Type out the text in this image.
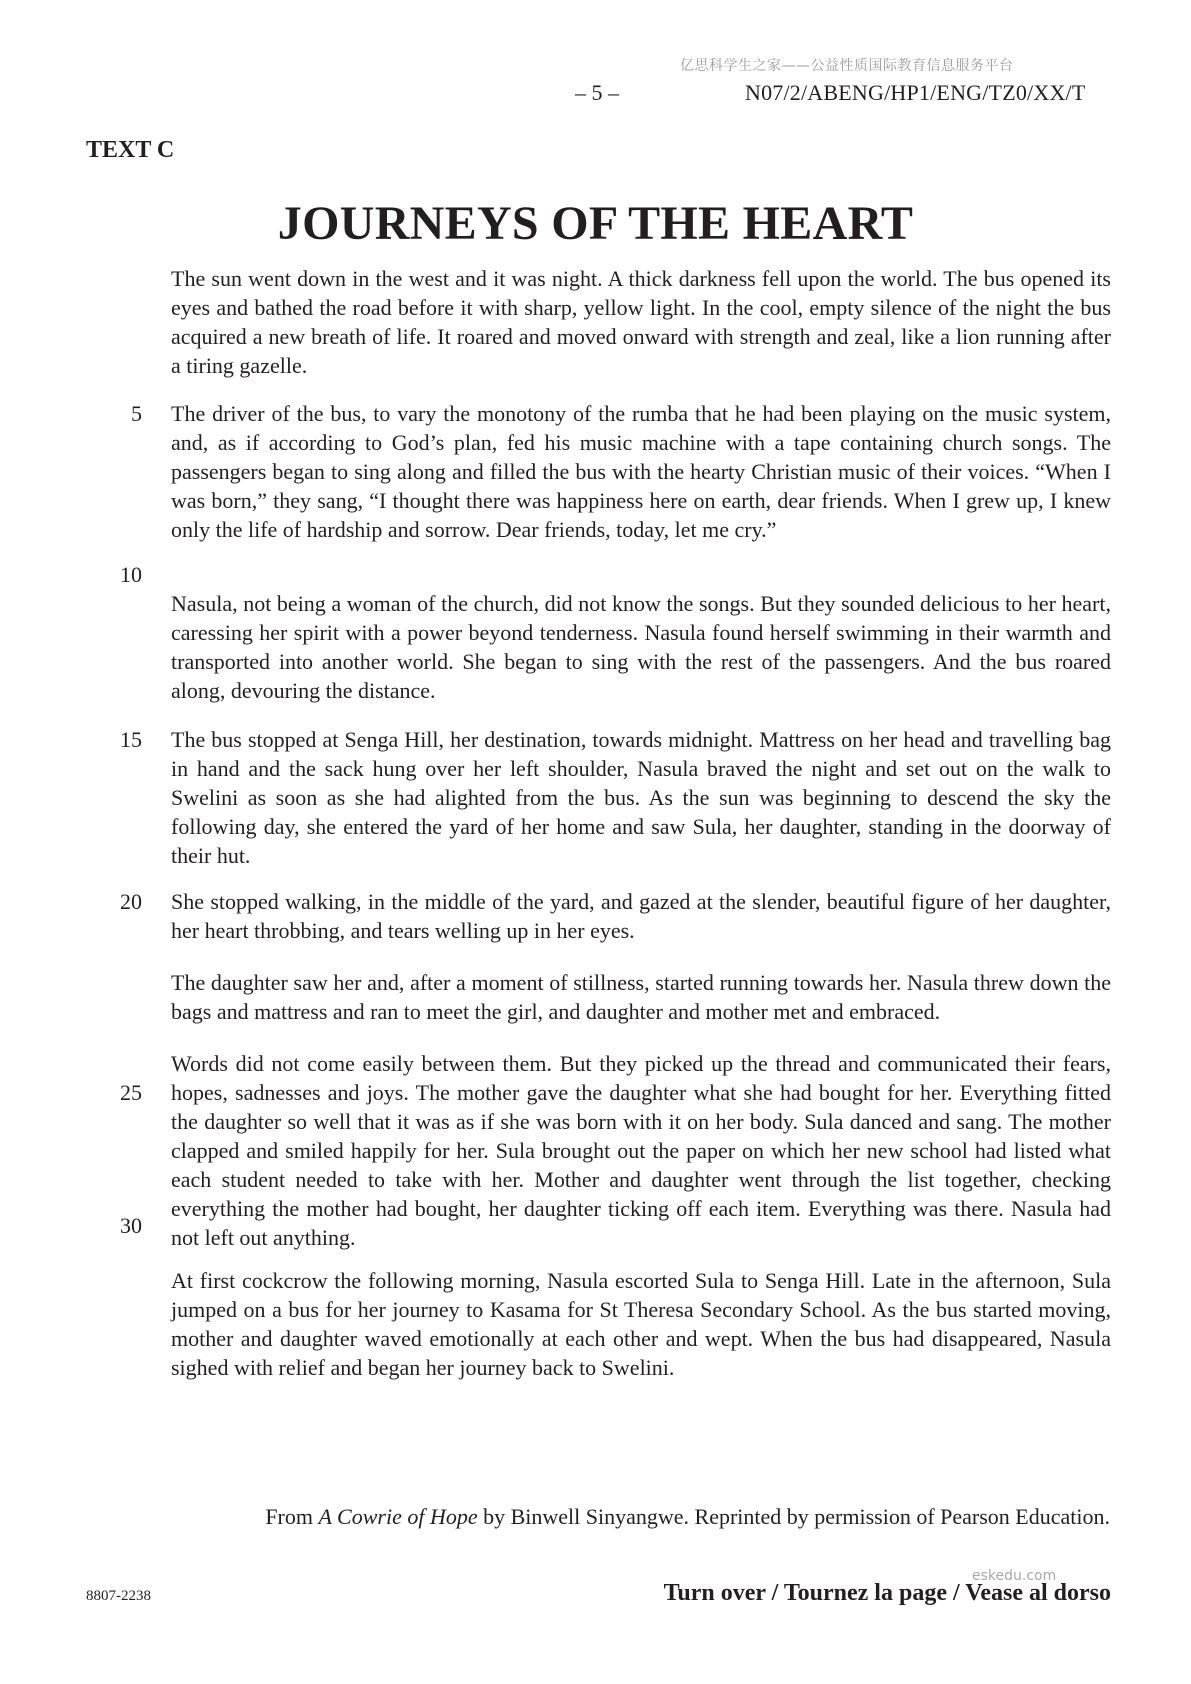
亿思科学生之家——公益性质国际教育信息服务平台
– 5 –	N07/2/ABENG/HP1/ENG/TZ0/XX/T
TEXT C
JOURNEYS OF THE HEART

The sun went down in the west and it was night. A thick darkness fell upon the world. The bus opened its eyes and bathed the road before it with sharp, yellow light. In the cool, empty silence of the night the bus acquired a new breath of life. It roared and moved onward with strength and zeal, like a lion running after a tiring gazelle.

The driver of the bus, to vary the monotony of the rumba that he had been playing on the music system, and, as if according to God’s plan, fed his music machine with a tape containing church songs. The passengers began to sing along and filled the bus with the hearty Christian music of their voices. “When I was born,” they sang, “I thought there was happiness here on earth, dear friends. When I grew up, I knew only the life of hardship and sorrow. Dear friends, today, let me cry.”

Nasula, not being a woman of the church, did not know the songs. But they sounded delicious to her heart, caressing her spirit with a power beyond tenderness. Nasula found herself swimming in their warmth and transported into another world. She began to sing with the rest of the passengers. And the bus roared along, devouring the distance.

The bus stopped at Senga Hill, her destination, towards midnight. Mattress on her head and travelling bag in hand and the sack hung over her left shoulder, Nasula braved the night and set out on the walk to Swelini as soon as she had alighted from the bus. As the sun was beginning to descend the sky the following day, she entered the yard of her home and saw Sula, her daughter, standing in the doorway of their hut.

She stopped walking, in the middle of the yard, and gazed at the slender, beautiful figure of her daughter, her heart throbbing, and tears welling up in her eyes.

The daughter saw her and, after a moment of stillness, started running towards her. Nasula threw down the bags and mattress and ran to meet the girl, and daughter and mother met and embraced.

Words did not come easily between them. But they picked up the thread and communicated their fears, hopes, sadnesses and joys. The mother gave the daughter what she had bought for her. Everything fitted the daughter so well that it was as if she was born with it on her body. Sula danced and sang. The mother clapped and smiled happily for her. Sula brought out the paper on which her new school had listed what each student needed to take with her. Mother and daughter went through the list together, checking everything the mother had bought, her daughter ticking off each item. Everything was there. Nasula had not left out anything.

At first cockcrow the following morning, Nasula escorted Sula to Senga Hill. Late in the afternoon, Sula jumped on a bus for her journey to Kasama for St Theresa Secondary School. As the bus started moving, mother and daughter waved emotionally at each other and wept. When the bus had disappeared, Nasula sighed with relief and began her journey back to Swelini.

5
10
15
20
25
30
From A Cowrie of Hope by Binwell Sinyangwe. Reprinted by permission of Pearson Education.
8807-2238
eskedu.com
Turn over / Tournez la page / Vease al dorso
